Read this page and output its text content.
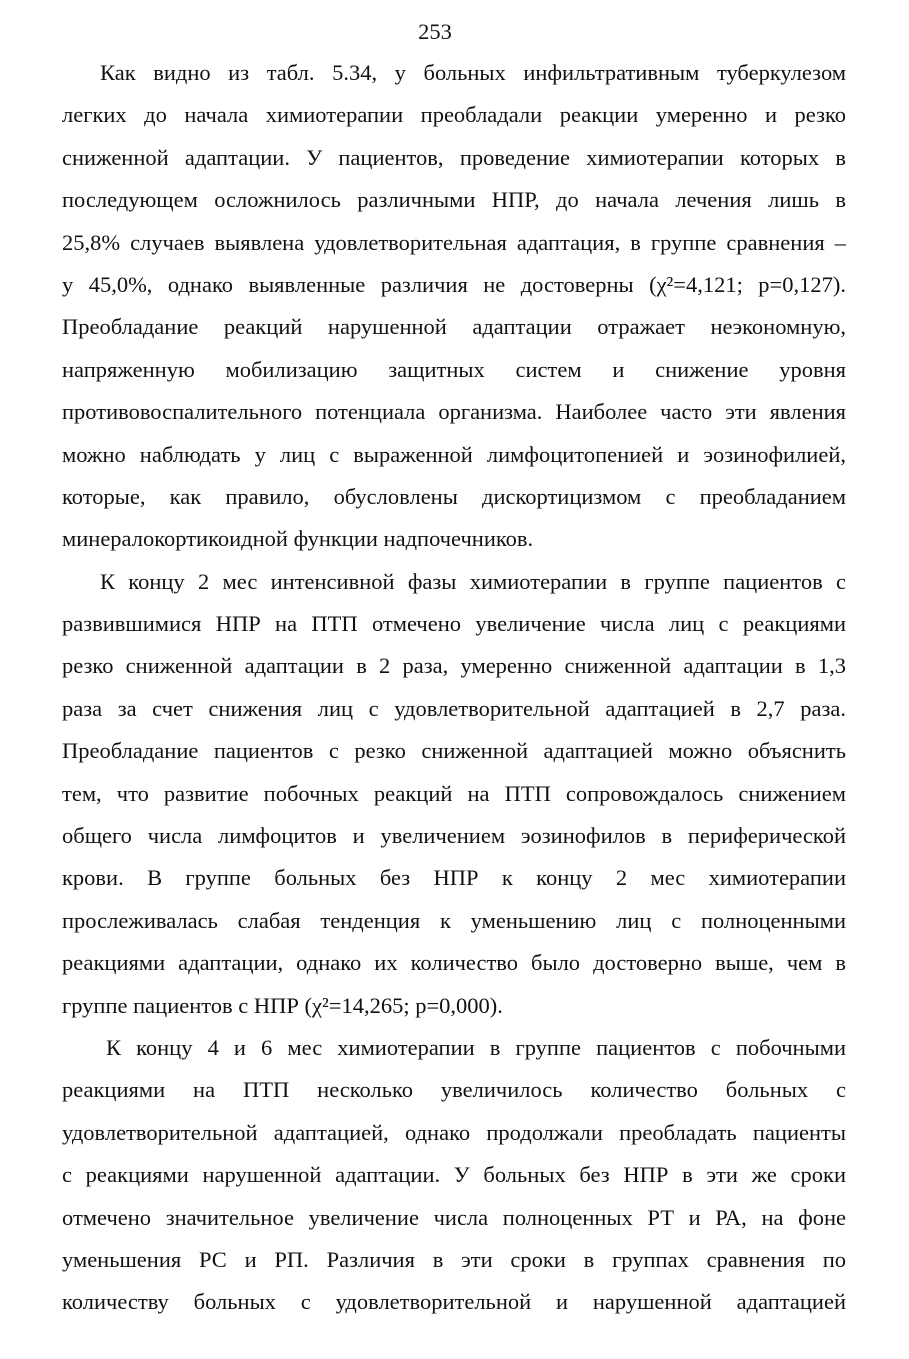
253
Как видно из табл. 5.34, у больных инфильтративным туберкулезом
легких до начала химиотерапии преобладали реакции умеренно и резко
сниженной адаптации. У пациентов, проведение химиотерапии которых в
последующем осложнилось различными НПР, до начала лечения лишь в
25,8% случаев выявлена удовлетворительная адаптация, в группе сравнения –
у 45,0%, однако выявленные различия не достоверны (χ²=4,121; p=0,127).
Преобладание реакций нарушенной адаптации отражает неэкономную,
напряженную мобилизацию защитных систем и снижение уровня
противовоспалительного потенциала организма. Наиболее часто эти явления
можно наблюдать у лиц с выраженной лимфоцитопенией и эозинофилией,
которые, как правило, обусловлены дискортицизмом с преобладанием
минералокортикоидной функции надпочечников.
К концу 2 мес интенсивной фазы химиотерапии в группе пациентов с
развившимися НПР на ПТП отмечено увеличение числа лиц с реакциями
резко сниженной адаптации в 2 раза, умеренно сниженной адаптации в 1,3
раза за счет снижения лиц с удовлетворительной адаптацией в 2,7 раза.
Преобладание пациентов с резко сниженной адаптацией можно объяснить
тем, что развитие побочных реакций на ПТП сопровождалось снижением
общего числа лимфоцитов и увеличением эозинофилов в периферической
крови. В группе больных без НПР к концу 2 мес химиотерапии
прослеживалась слабая тенденция к уменьшению лиц с полноценными
реакциями адаптации, однако их количество было достоверно выше, чем в
группе пациентов с НПР (χ²=14,265; p=0,000).
К концу 4 и 6 мес химиотерапии в группе пациентов с побочными
реакциями на ПТП несколько увеличилось количество больных с
удовлетворительной адаптацией, однако продолжали преобладать пациенты
с реакциями нарушенной адаптации. У больных без НПР в эти же сроки
отмечено значительное увеличение числа полноценных РТ и РА, на фоне
уменьшения РС и РП. Различия в эти сроки в группах сравнения по
количеству больных с удовлетворительной и нарушенной адаптацией
